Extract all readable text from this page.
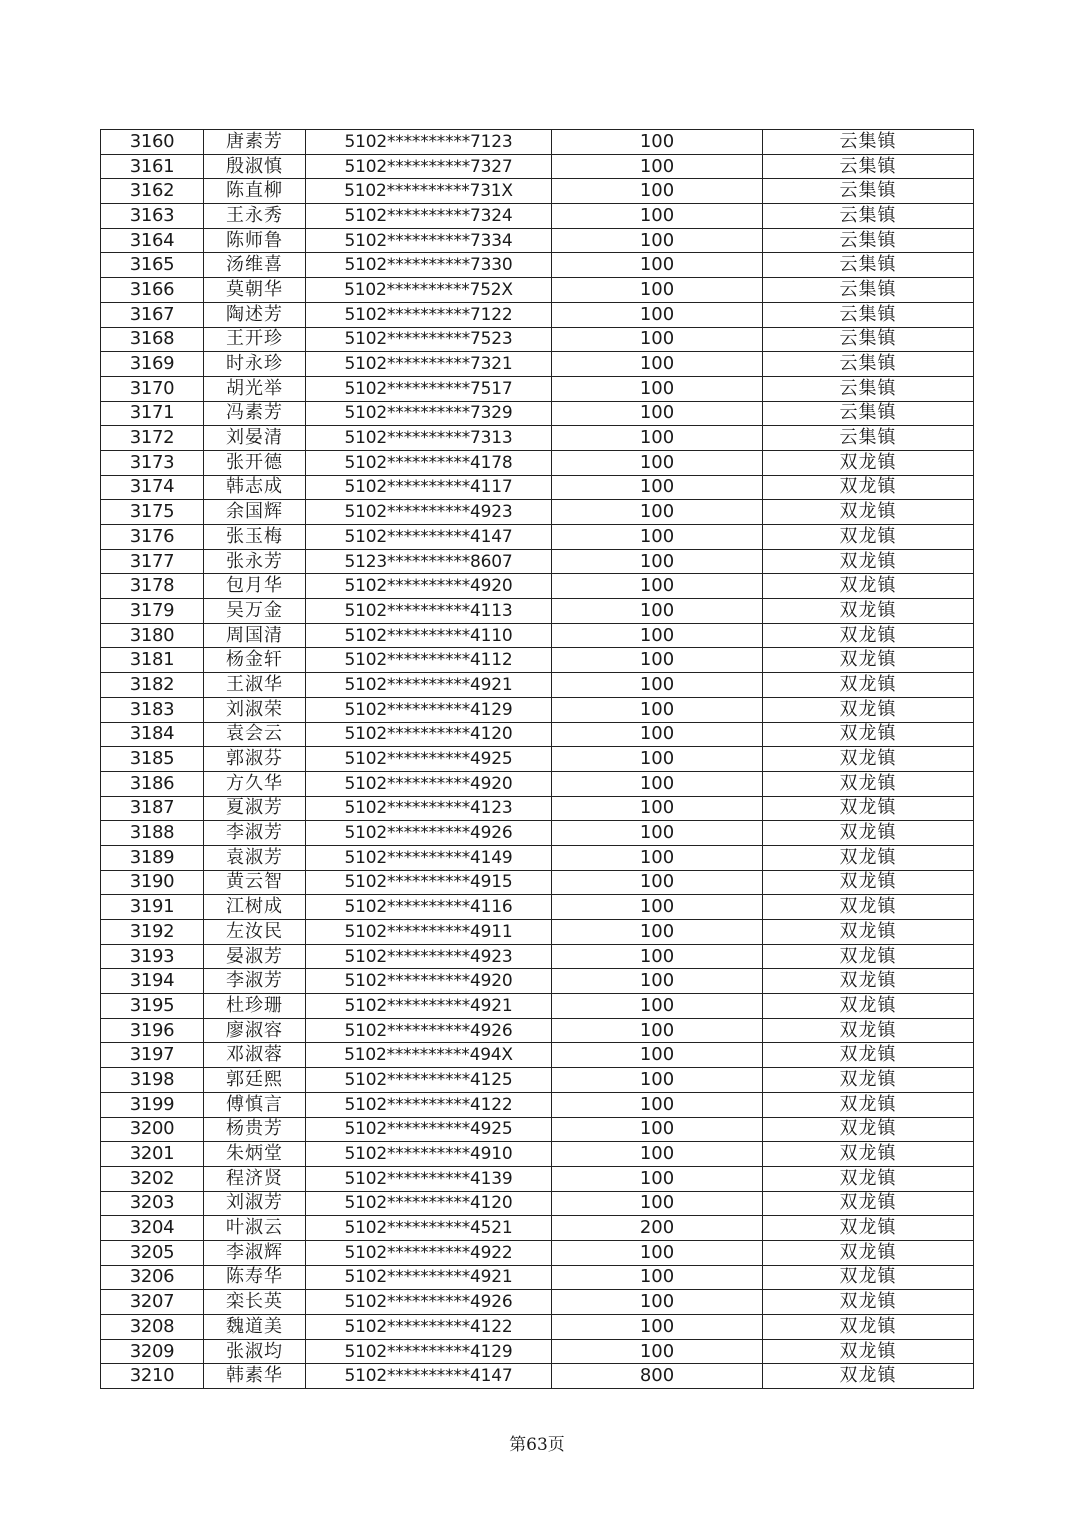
3160	唐素芳	5102**********7123	100	云集镇
3161	殷淑慎	5102**********7327	100	云集镇
3162	陈直柳	5102**********731X	100	云集镇
3163	王永秀	5102**********7324	100	云集镇
3164	陈师鲁	5102**********7334	100	云集镇
3165	汤维喜	5102**********7330	100	云集镇
3166	莫朝华	5102**********752X	100	云集镇
3167	陶述芳	5102**********7122	100	云集镇
3168	王开珍	5102**********7523	100	云集镇
3169	时永珍	5102**********7321	100	云集镇
3170	胡光举	5102**********7517	100	云集镇
3171	冯素芳	5102**********7329	100	云集镇
3172	刘晏清	5102**********7313	100	云集镇
3173	张开德	5102**********4178	100	双龙镇
3174	韩志成	5102**********4117	100	双龙镇
3175	余国辉	5102**********4923	100	双龙镇
3176	张玉梅	5102**********4147	100	双龙镇
3177	张永芳	5123**********8607	100	双龙镇
3178	包月华	5102**********4920	100	双龙镇
3179	吴万金	5102**********4113	100	双龙镇
3180	周国清	5102**********4110	100	双龙镇
3181	杨金轩	5102**********4112	100	双龙镇
3182	王淑华	5102**********4921	100	双龙镇
3183	刘淑荣	5102**********4129	100	双龙镇
3184	袁会云	5102**********4120	100	双龙镇
3185	郭淑芬	5102**********4925	100	双龙镇
3186	方久华	5102**********4920	100	双龙镇
3187	夏淑芳	5102**********4123	100	双龙镇
3188	李淑芳	5102**********4926	100	双龙镇
3189	袁淑芳	5102**********4149	100	双龙镇
3190	黄云智	5102**********4915	100	双龙镇
3191	江树成	5102**********4116	100	双龙镇
3192	左汝民	5102**********4911	100	双龙镇
3193	晏淑芳	5102**********4923	100	双龙镇
3194	李淑芳	5102**********4920	100	双龙镇
3195	杜珍珊	5102**********4921	100	双龙镇
3196	廖淑容	5102**********4926	100	双龙镇
3197	邓淑蓉	5102**********494X	100	双龙镇
3198	郭廷熙	5102**********4125	100	双龙镇
3199	傅慎言	5102**********4122	100	双龙镇
3200	杨贵芳	5102**********4925	100	双龙镇
3201	朱炳堂	5102**********4910	100	双龙镇
3202	程济贤	5102**********4139	100	双龙镇
3203	刘淑芳	5102**********4120	100	双龙镇
3204	叶淑云	5102**********4521	200	双龙镇
3205	李淑辉	5102**********4922	100	双龙镇
3206	陈寿华	5102**********4921	100	双龙镇
3207	栾长英	5102**********4926	100	双龙镇
3208	魏道美	5102**********4122	100	双龙镇
3209	张淑均	5102**********4129	100	双龙镇
3210	韩素华	5102**********4147	800	双龙镇
第63页
